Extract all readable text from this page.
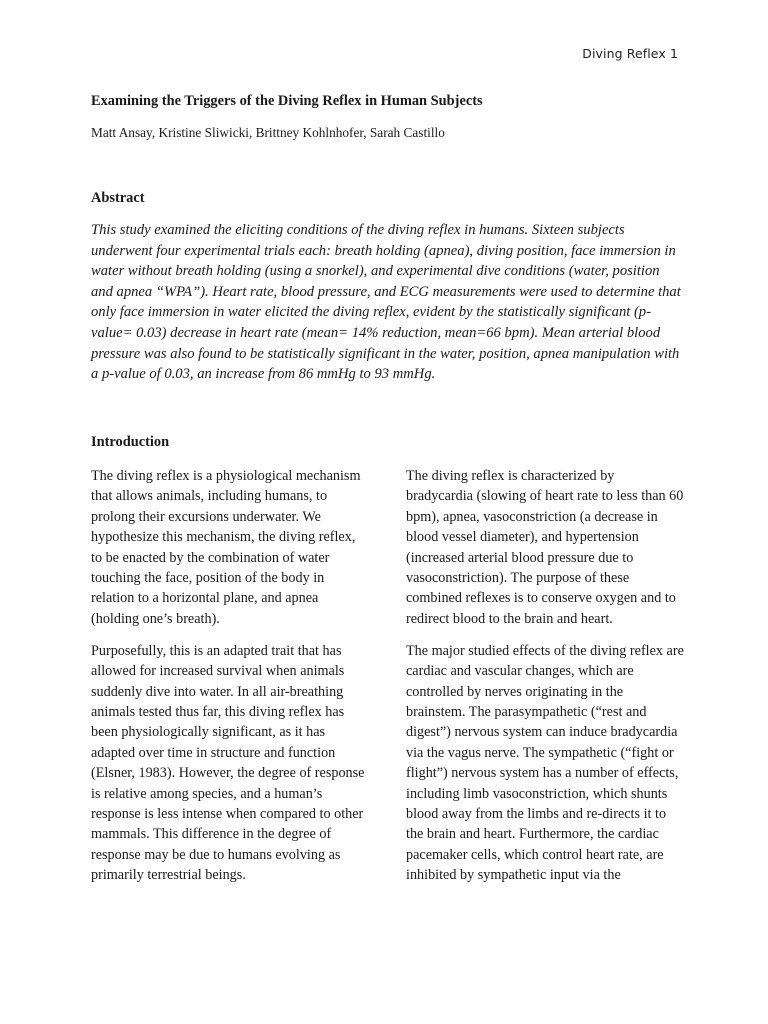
Diving Reflex 1
Examining the Triggers of the Diving Reflex in Human Subjects

Matt Ansay, Kristine Sliwicki, Brittney Kohlnhofer, Sarah Castillo

Abstract

This study examined the eliciting conditions of the diving reflex in humans. Sixteen subjects underwent four experimental trials each: breath holding (apnea), diving position, face immersion in water without breath holding (using a snorkel), and experimental dive conditions (water, position and apnea “WPA”). Heart rate, blood pressure, and ECG measurements were used to determine that only face immersion in water elicited the diving reflex, evident by the statistically significant (p-value= 0.03) decrease in heart rate (mean= 14% reduction, mean=66 bpm). Mean arterial blood pressure was also found to be statistically significant in the water, position, apnea manipulation with a p-value of 0.03, an increase from 86 mmHg to 93 mmHg.

Introduction

The diving reflex is a physiological mechanism that allows animals, including humans, to prolong their excursions underwater. We hypothesize this mechanism, the diving reflex, to be enacted by the combination of water touching the face, position of the body in relation to a horizontal plane, and apnea (holding one’s breath).

Purposefully, this is an adapted trait that has allowed for increased survival when animals suddenly dive into water. In all air-breathing animals tested thus far, this diving reflex has been physiologically significant, as it has adapted over time in structure and function (Elsner, 1983). However, the degree of response is relative among species, and a human’s response is less intense when compared to other mammals. This difference in the degree of response may be due to humans evolving as primarily terrestrial beings.

The diving reflex is characterized by bradycardia (slowing of heart rate to less than 60 bpm), apnea, vasoconstriction (a decrease in blood vessel diameter), and hypertension (increased arterial blood pressure due to vasoconstriction). The purpose of these combined reflexes is to conserve oxygen and to redirect blood to the brain and heart.

The major studied effects of the diving reflex are cardiac and vascular changes, which are controlled by nerves originating in the brainstem. The parasympathetic (“rest and digest”) nervous system can induce bradycardia via the vagus nerve. The sympathetic (“fight or flight”) nervous system has a number of effects, including limb vasoconstriction, which shunts blood away from the limbs and re-directs it to the brain and heart. Furthermore, the cardiac pacemaker cells, which control heart rate, are inhibited by sympathetic input via the
